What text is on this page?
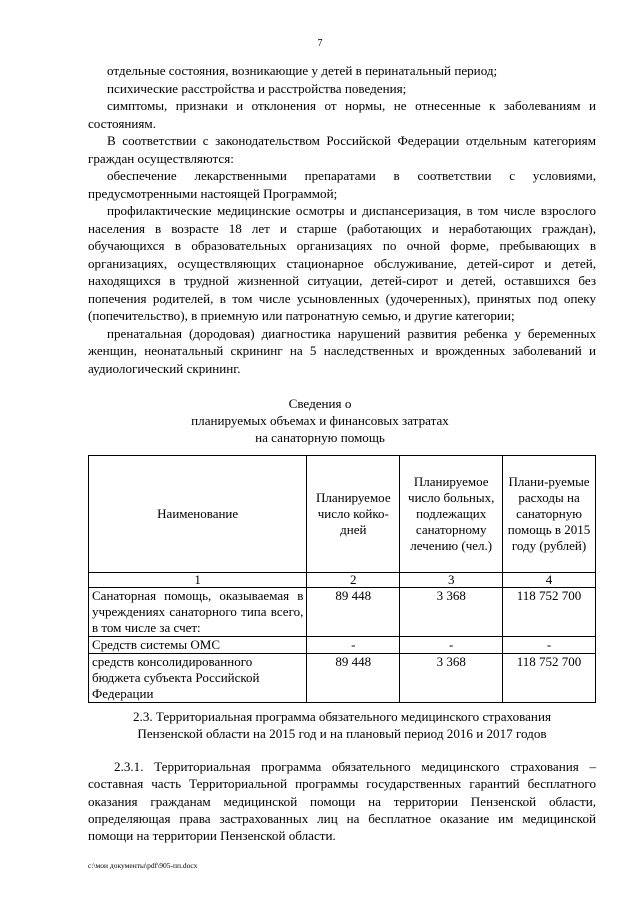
7

отдельные состояния, возникающие у детей в перинатальный период;

психические расстройства и расстройства поведения;

симптомы, признаки и отклонения от нормы, не отнесенные к заболеваниям и состояниям.

В соответствии с законодательством Российской Федерации отдельным категориям граждан осуществляются:

обеспечение лекарственными препаратами в соответствии с условиями, предусмотренными настоящей Программой;

профилактические медицинские осмотры и диспансеризация, в том числе взрослого населения в возрасте 18 лет и старше (работающих и неработающих граждан), обучающихся в образовательных организациях по очной форме, пребывающих в организациях, осуществляющих стационарное обслуживание, детей-сирот и детей, находящихся в трудной жизненной ситуации, детей-сирот и детей, оставшихся без попечения родителей, в том числе усыновленных (удочеренных), принятых под опеку (попечительство), в приемную или патронатную семью, и другие категории;

пренатальная (дородовая) диагностика нарушений развития ребенка у беременных женщин, неонатальный скрининг на 5 наследственных и врожденных заболеваний и аудиологический скрининг.

Сведения о
планируемых объемах и финансовых затратах
на санаторную помощь
Наименование	Планируемое число койко-дней	Планируемое число больных, подлежащих санаторному лечению (чел.)	Плани-руемые расходы на санаторную помощь в 2015 году (рублей)
1	2	3	4
Санаторная помощь, оказываемая в учреждениях санаторного типа всего, в том числе за счет:	89 448	3 368	118 752 700
Средств системы ОМС	-	-	-
средств консолидированного бюджета субъекта Российской Федерации	89 448	3 368	118 752 700
2.3. Территориальная программа обязательного медицинского страхования
Пензенской области на 2015 год и на плановый период 2016 и 2017 годов

2.3.1. Территориальная программа обязательного медицинского страхования – составная часть Территориальной программы государственных гарантий бесплатного оказания гражданам медицинской помощи на территории Пензенской области, определяющая права застрахованных лиц на бесплатное оказание им медицинской помощи на территории Пензенской области.

c:\мои документы\pdf\905-пп.docx
